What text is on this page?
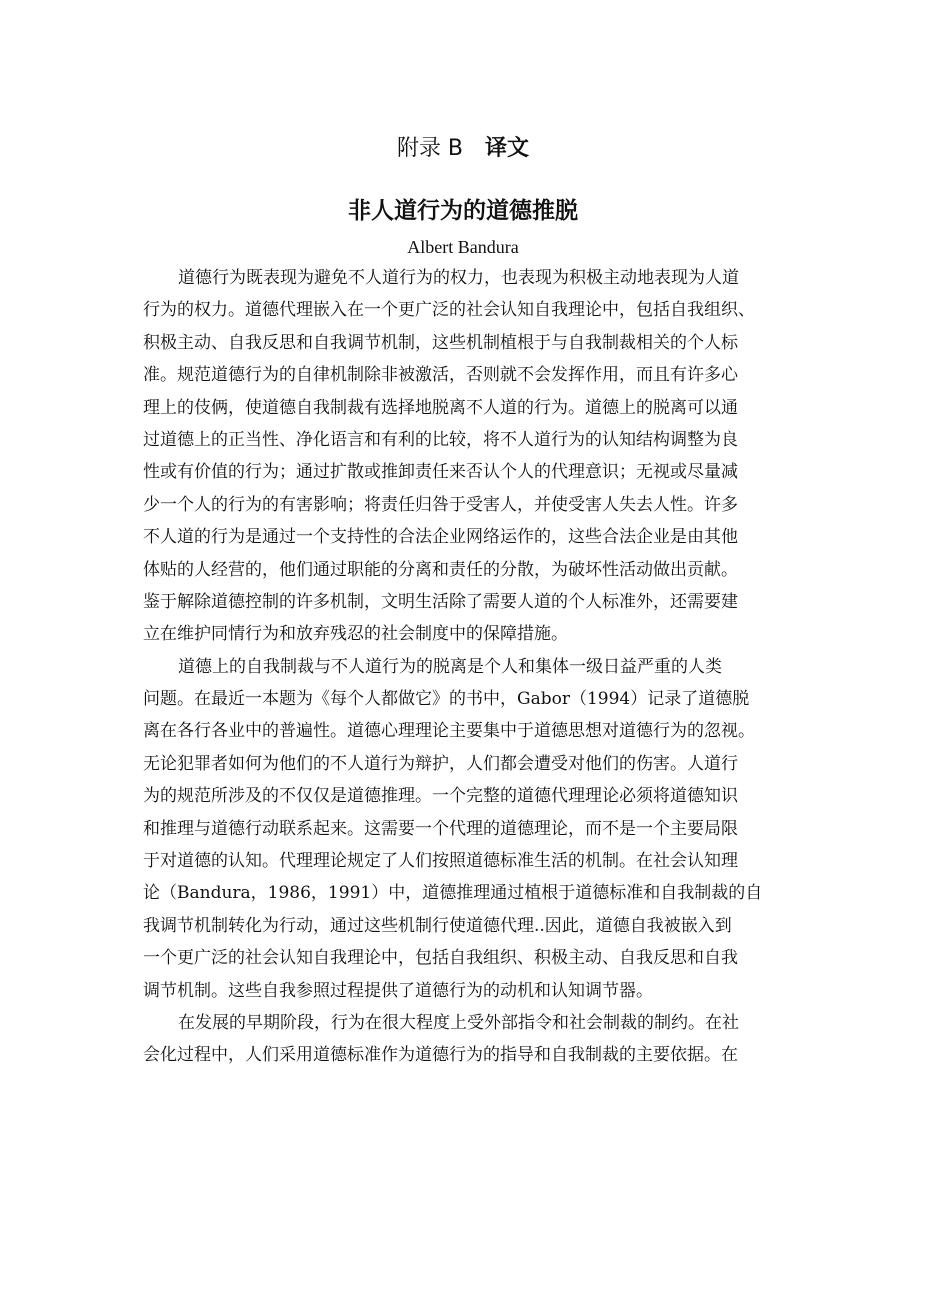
附录 B 译文
非人道行为的道德推脱
Albert Bandura
道德行为既表现为避免不人道行为的权力，也表现为积极主动地表现为人道
行为的权力。道德代理嵌入在一个更广泛的社会认知自我理论中，包括自我组织、
积极主动、自我反思和自我调节机制，这些机制植根于与自我制裁相关的个人标
准。规范道德行为的自律机制除非被激活，否则就不会发挥作用，而且有许多心
理上的伎俩，使道德自我制裁有选择地脱离不人道的行为。道德上的脱离可以通
过道德上的正当性、净化语言和有利的比较，将不人道行为的认知结构调整为良
性或有价值的行为；通过扩散或推卸责任来否认个人的代理意识；无视或尽量减
少一个人的行为的有害影响；将责任归咎于受害人，并使受害人失去人性。许多
不人道的行为是通过一个支持性的合法企业网络运作的，这些合法企业是由其他
体贴的人经营的，他们通过职能的分离和责任的分散，为破坏性活动做出贡献。
鉴于解除道德控制的许多机制，文明生活除了需要人道的个人标准外，还需要建
立在维护同情行为和放弃残忍的社会制度中的保障措施。
道德上的自我制裁与不人道行为的脱离是个人和集体一级日益严重的人类
问题。在最近一本题为《每个人都做它》的书中，Gabor（1994）记录了道德脱
离在各行各业中的普遍性。道德心理理论主要集中于道德思想对道德行为的忽视。
无论犯罪者如何为他们的不人道行为辩护，人们都会遭受对他们的伤害。人道行
为的规范所涉及的不仅仅是道德推理。一个完整的道德代理理论必须将道德知识
和推理与道德行动联系起来。这需要一个代理的道德理论，而不是一个主要局限
于对道德的认知。代理理论规定了人们按照道德标准生活的机制。在社会认知理
论（Bandura，1986，1991）中，道德推理通过植根于道德标准和自我制裁的自
我调节机制转化为行动，通过这些机制行使道德代理..因此，道德自我被嵌入到
一个更广泛的社会认知自我理论中，包括自我组织、积极主动、自我反思和自我
调节机制。这些自我参照过程提供了道德行为的动机和认知调节器。
在发展的早期阶段，行为在很大程度上受外部指令和社会制裁的制约。在社
会化过程中，人们采用道德标准作为道德行为的指导和自我制裁的主要依据。在
